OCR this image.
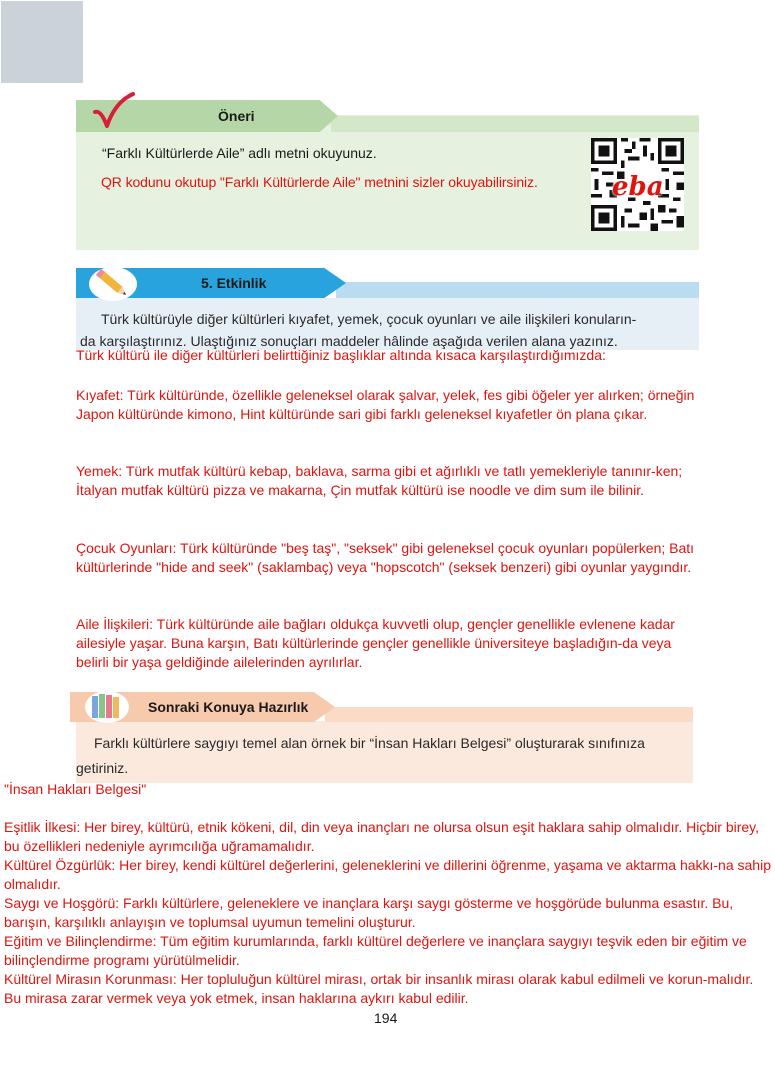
Öneri
“Farklı Kültürlerde Aile” adlı metni okuyunuz.
QR kodunu okutup "Farklı Kültürlerde Aile" metnini sizler okuyabilirsiniz.	eba
5. Etkinlik
Türk kültürüyle diğer kültürleri kıyafet, yemek, çocuk oyunları ve aile ilişkileri konuların-
da karşılaştırınız. Ulaştığınız sonuçları maddeler hâlinde aşağıda verilen alana yazınız.
Türk kültürü ile diğer kültürleri belirttiğiniz başlıklar altında kısaca karşılaştırdığımızda:
Kıyafet: Türk kültüründe, özellikle geleneksel olarak şalvar, yelek, fes gibi öğeler yer alırken; örneğin Japon kültüründe kimono, Hint kültüründe sari gibi farklı geleneksel kıyafetler ön plana çıkar.
Yemek: Türk mutfak kültürü kebap, baklava, sarma gibi et ağırlıklı ve tatlı yemekleriyle tanınır-ken; İtalyan mutfak kültürü pizza ve makarna, Çin mutfak kültürü ise noodle ve dim sum ile bilinir.
Çocuk Oyunları: Türk kültüründe "beş taş", "seksek" gibi geleneksel çocuk oyunları popülerken; Batı kültürlerinde "hide and seek" (saklambaç) veya "hopscotch" (seksek benzeri) gibi oyunlar yaygındır.
Aile İlişkileri: Türk kültüründe aile bağları oldukça kuvvetli olup, gençler genellikle evlenene kadar ailesiyle yaşar. Buna karşın, Batı kültürlerinde gençler genellikle üniversiteye başladığın-da veya belirli bir yaşa geldiğinde ailelerinden ayrılırlar.
Sonraki Konuya Hazırlık
Farklı kültürlere saygıyı temel alan örnek bir “İnsan Hakları Belgesi” oluşturarak sınıfınıza
getiriniz.
"İnsan Hakları Belgesi"
Eşitlik İlkesi: Her birey, kültürü, etnik kökeni, dil, din veya inançları ne olursa olsun eşit haklara sahip olmalıdır. Hiçbir birey, bu özellikleri nedeniyle ayrımcılığa uğramamalıdır.
Kültürel Özgürlük: Her birey, kendi kültürel değerlerini, geleneklerini ve dillerini öğrenme, yaşama ve aktarma hakkı-na sahip olmalıdır.
Saygı ve Hoşgörü: Farklı kültürlere, geleneklere ve inançlara karşı saygı gösterme ve hoşgörüde bulunma esastır. Bu, barışın, karşılıklı anlayışın ve toplumsal uyumun temelini oluşturur.
Eğitim ve Bilinçlendirme: Tüm eğitim kurumlarında, farklı kültürel değerlere ve inançlara saygıyı teşvik eden bir eğitim ve bilinçlendirme programı yürütülmelidir.
Kültürel Mirasın Korunması: Her topluluğun kültürel mirası, ortak bir insanlık mirası olarak kabul edilmeli ve korun-malıdır. Bu mirasa zarar vermek veya yok etmek, insan haklarına aykırı kabul edilir.
194
